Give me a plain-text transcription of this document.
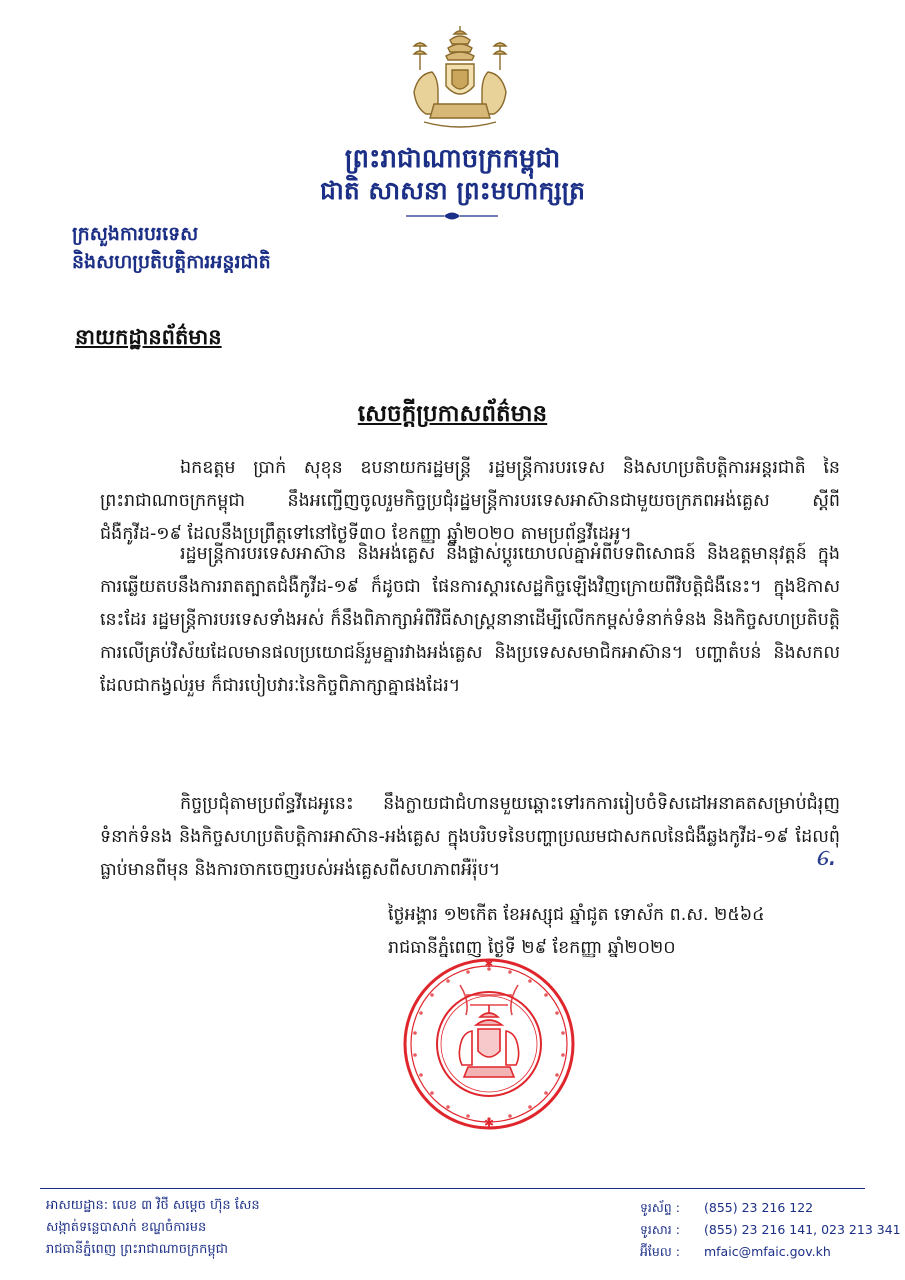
ព្រះរាជាណាចក្រកម្ពុជា
ជាតិ សាសនា ព្រះមហាក្សត្រ
ក្រសួងការបរទេស
និងសហប្រតិបត្តិការអន្តរជាតិ
នាយកដ្ឋានព័ត៌មាន
សេចក្តីប្រកាសព័ត៌មាន

ឯកឧត្តម ប្រាក់ សុខុន ឧបនាយករដ្ឋមន្ត្រី រដ្ឋមន្ត្រីការបរទេស និងសហប្រតិបត្តិការអន្តរជាតិ នៃព្រះរាជាណាចក្រកម្ពុជា នឹងអញ្ជើញចូលរួមកិច្ចប្រជុំរដ្ឋមន្ត្រីការបរទេសអាស៊ានជាមួយចក្រភពអង់គ្លេស ស្តីពីជំងឺកូវីដ-១៩ ដែលនឹងប្រព្រឹត្តទៅនៅថ្ងៃទី៣០ ខែកញ្ញា ឆ្នាំ២០២០ តាមប្រព័ន្ធវីដេអូ។

រដ្ឋមន្ត្រីការបរទេសអាស៊ាន និងអង់គ្លេស នឹងផ្លាស់ប្តូរយោបល់គ្នាអំពីបទពិសោធន៍ និងឧត្តមានុវត្តន៍ ក្នុងការឆ្លើយតបនឹងការរាតត្បាតជំងឺកូវីដ-១៩ ក៏ដូចជា ផែនការស្តារសេដ្ឋកិច្ចឡើងវិញក្រោយពីវិបត្តិជំងឺនេះ។ ក្នុងឱកាសនេះដែរ រដ្ឋមន្ត្រីការបរទេសទាំងអស់ ក៏នឹងពិភាក្សាអំពីវិធីសាស្ត្រនានាដើម្បីលើកកម្ពស់ទំនាក់ទំនង និងកិច្ចសហប្រតិបត្តិការលើគ្រប់វិស័យដែលមានផលប្រយោជន៍រួមគ្នារវាងអង់គ្លេស និងប្រទេសសមាជិកអាស៊ាន។ បញ្ហាតំបន់ និងសកល ដែលជាកង្វល់រួម ក៏ជារបៀបវារៈនៃកិច្ចពិភាក្សាគ្នាផងដែរ។

កិច្ចប្រជុំតាមប្រព័ន្ធវីដេអូនេះ នឹងក្លាយជាជំហានមួយឆ្ពោះទៅរកការរៀបចំទិសដៅអនាគតសម្រាប់ជំរុញទំនាក់ទំនង និងកិច្ចសហប្រតិបត្តិការអាស៊ាន-អង់គ្លេស ក្នុងបរិបទនៃបញ្ហាប្រឈមជាសកលនៃជំងឺឆ្លងកូវីដ-១៩ ដែលពុំធ្លាប់មានពីមុន និងការចាកចេញរបស់អង់គ្លេសពីសហភាពអឺរ៉ុប។	ᧈ.
ថ្ងៃអង្គារ ១២កើត ខែអស្សុជ ឆ្នាំជូត ទោស័ក ព.ស. ២៥៦៤
រាជធានីភ្នំពេញ ថ្ងៃទី ២៩ ខែកញ្ញា ឆ្នាំ២០២០
✱
✱
អាសយដ្ឋាន: លេខ ៣ វិថី សម្តេច ហ៊ុន សែន
សង្កាត់ទន្លេបាសាក់ ខណ្ឌចំការមន
រាជធានីភ្នំពេញ ព្រះរាជាណាចក្រកម្ពុជា
ទូរស័ព្ទ : (855) 23 216 122
ទូរសារ : (855) 23 216 141, 023 213 341
អ៊ីមែល : mfaic@mfaic.gov.kh
